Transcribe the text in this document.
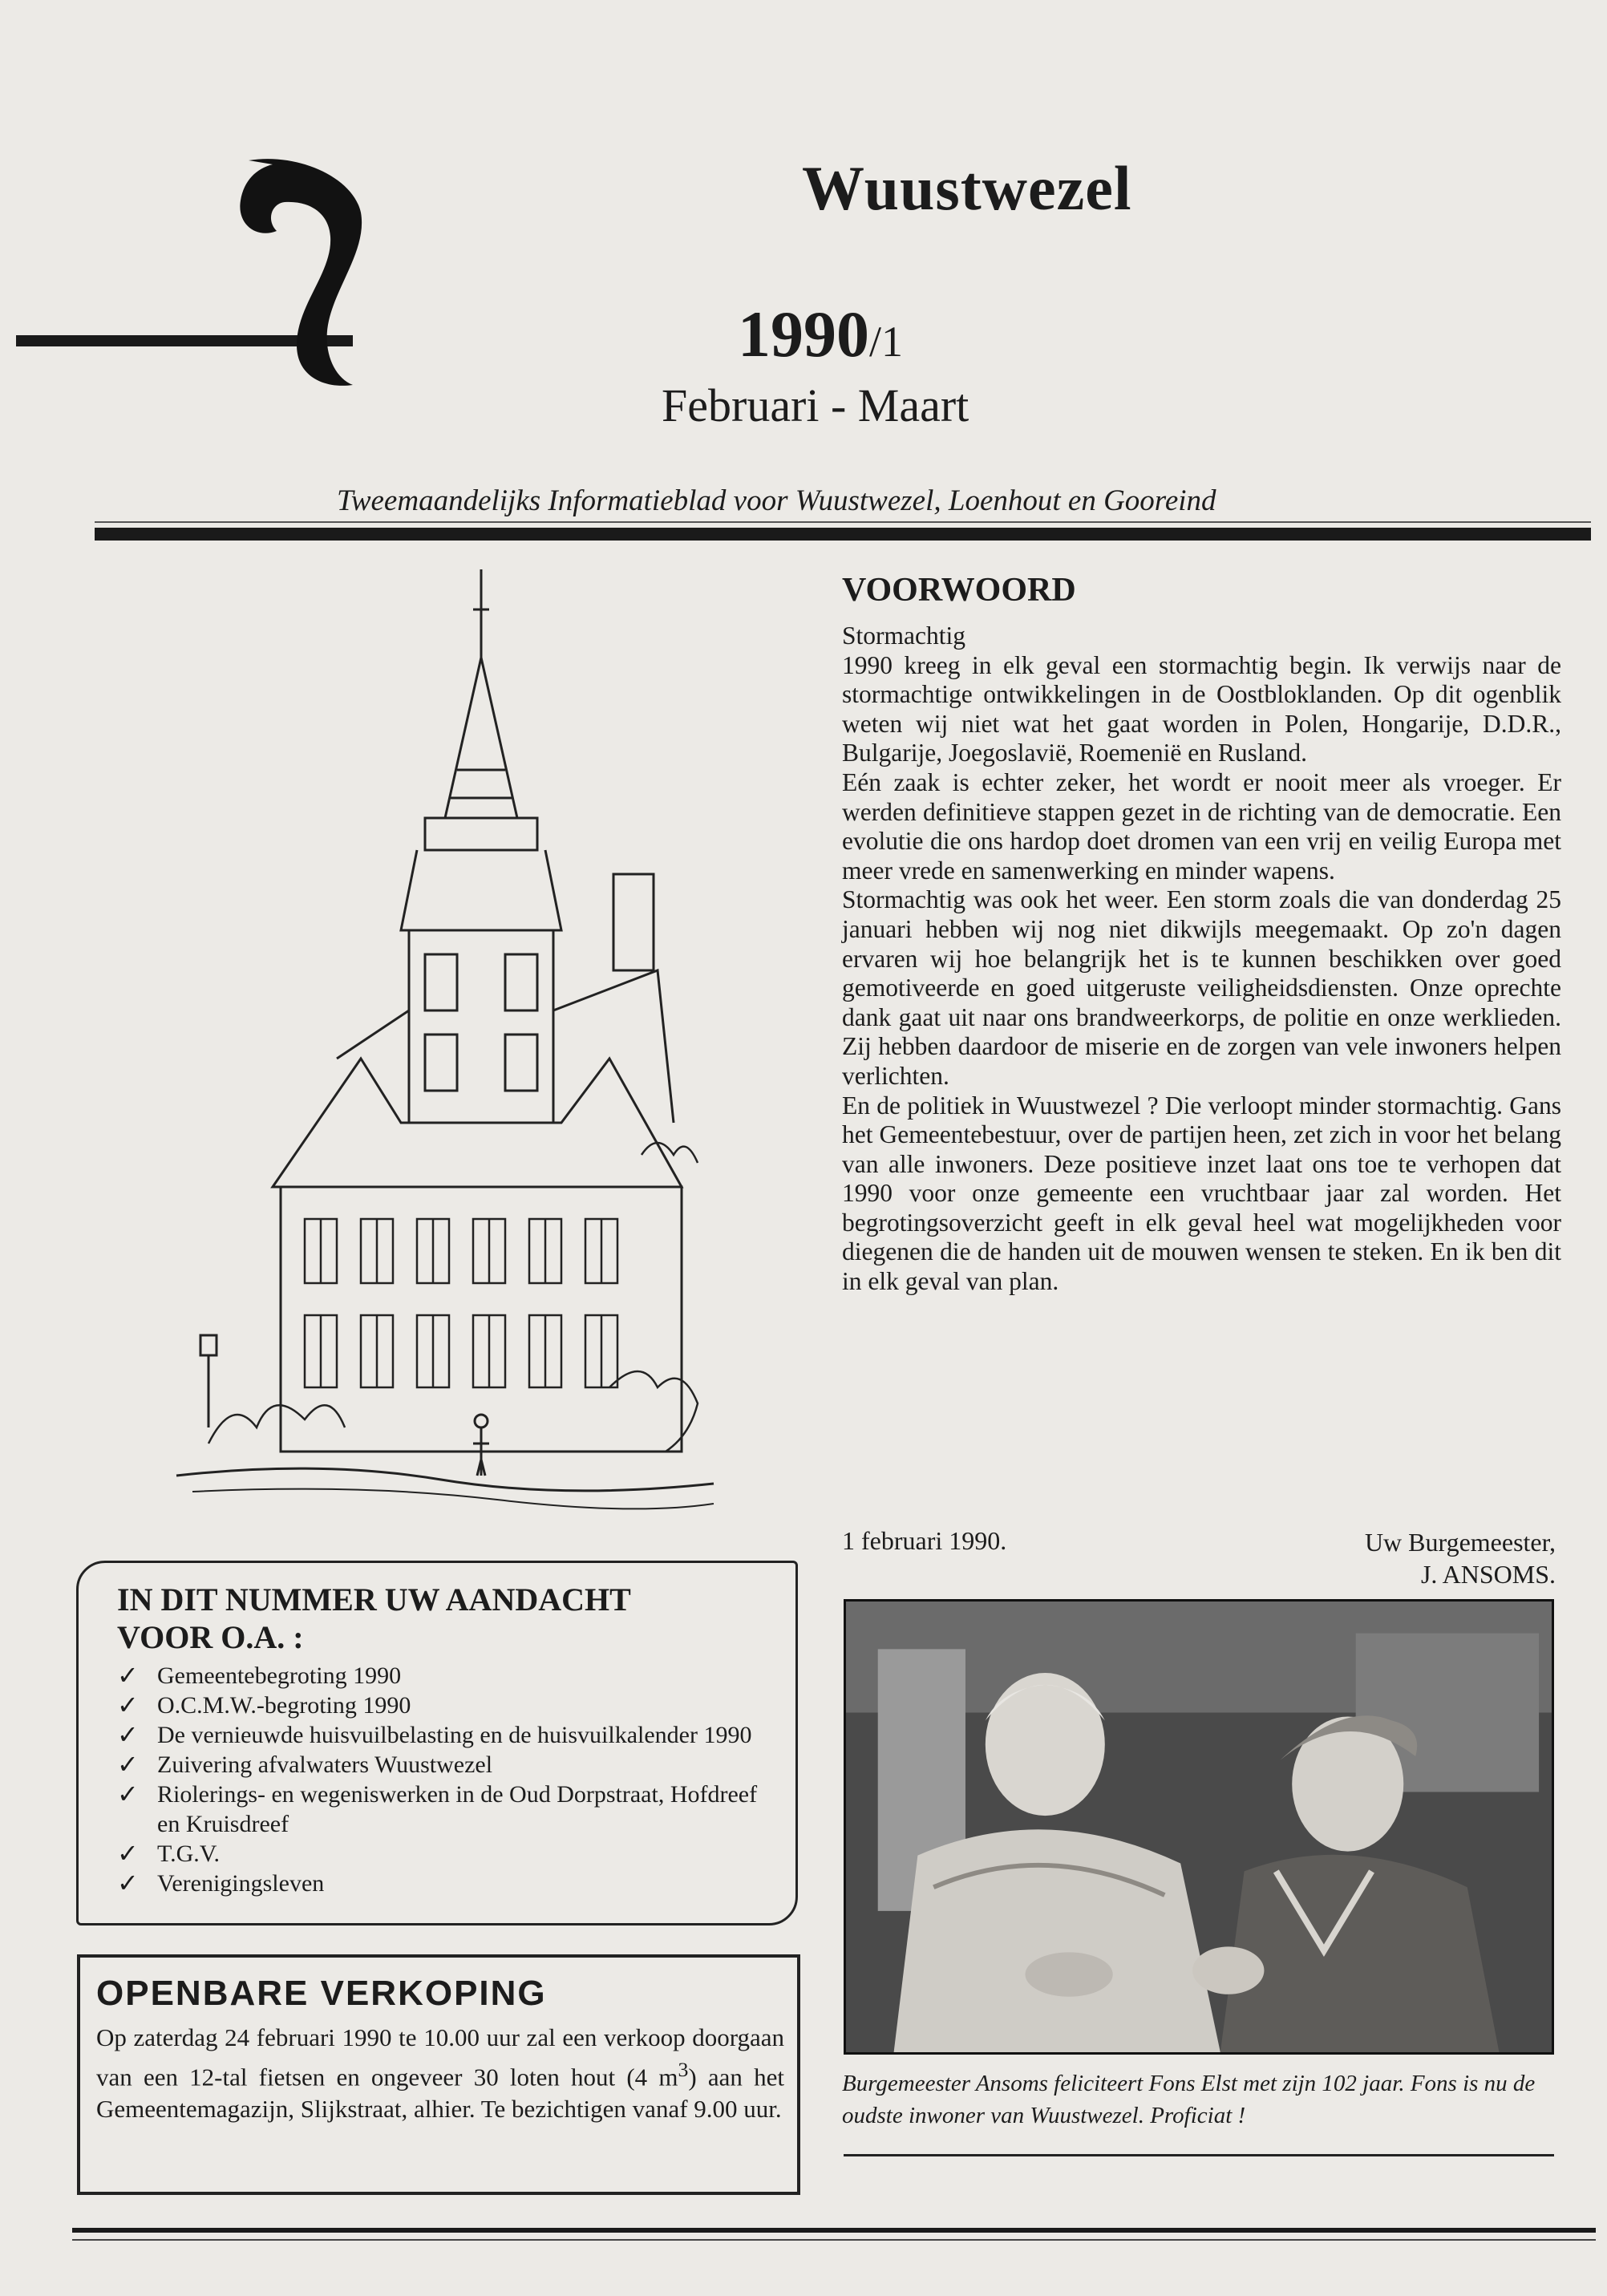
Wuustwezel
1990/1
Februari - Maart
Tweemaandelijks Informatieblad voor Wuustwezel, Loenhout en Gooreind
IN DIT NUMMER UW AANDACHT
VOOR O.A. :
✓ Gemeentebegroting 1990
✓ O.C.M.W.-begroting 1990
✓ De vernieuwde huisvuilbelasting en de huisvuilkalender 1990
✓ Zuivering afvalwaters Wuustwezel
✓ Riolerings- en wegeniswerken in de Oud Dorpstraat, Hofdreef en Kruisdreef
✓ T.G.V.
✓ Verenigingsleven
OPENBARE VERKOPING
Op zaterdag 24 februari 1990 te 10.00 uur zal een verkoop doorgaan van een 12-tal fietsen en ongeveer 30 loten hout (4 $m^3$) aan het Gemeentemagazijn, Slijkstraat, alhier. Te bezichtigen vanaf 9.00 uur.
VOORWOORD

Stormachtig

1990 kreeg in elk geval een stormachtig begin. Ik verwijs naar de stormachtige ontwikkelingen in de Oostbloklanden. Op dit ogenblik weten wij niet wat het gaat worden in Polen, Hongarije, D.D.R., Bulgarije, Joegoslavië, Roemenië en Rusland.

Eén zaak is echter zeker, het wordt er nooit meer als vroeger. Er werden definitieve stappen gezet in de richting van de democratie. Een evolutie die ons hardop doet dromen van een vrij en veilig Europa met meer vrede en samenwerking en minder wapens.

Stormachtig was ook het weer. Een storm zoals die van donderdag 25 januari hebben wij nog niet dikwijls meegemaakt. Op zo'n dagen ervaren wij hoe belangrijk het is te kunnen beschikken over goed gemotiveerde en goed uitgeruste veiligheidsdiensten. Onze oprechte dank gaat uit naar ons brandweerkorps, de politie en onze werklieden. Zij hebben daardoor de miserie en de zorgen van vele inwoners helpen verlichten.

En de politiek in Wuustwezel ? Die verloopt minder stormachtig. Gans het Gemeentebestuur, over de partijen heen, zet zich in voor het belang van alle inwoners. Deze positieve inzet laat ons toe te verhopen dat 1990 voor onze gemeente een vruchtbaar jaar zal worden. Het begrotingsoverzicht geeft in elk geval heel wat mogelijkheden voor diegenen die de handen uit de mouwen wensen te steken. En ik ben dit in elk geval van plan.

1 februari 1990.	Uw Burgemeester,
J. ANSOMS.
Burgemeester Ansoms feliciteert Fons Elst met zijn 102 jaar. Fons is nu de oudste inwoner van Wuustwezel. Proficiat !
